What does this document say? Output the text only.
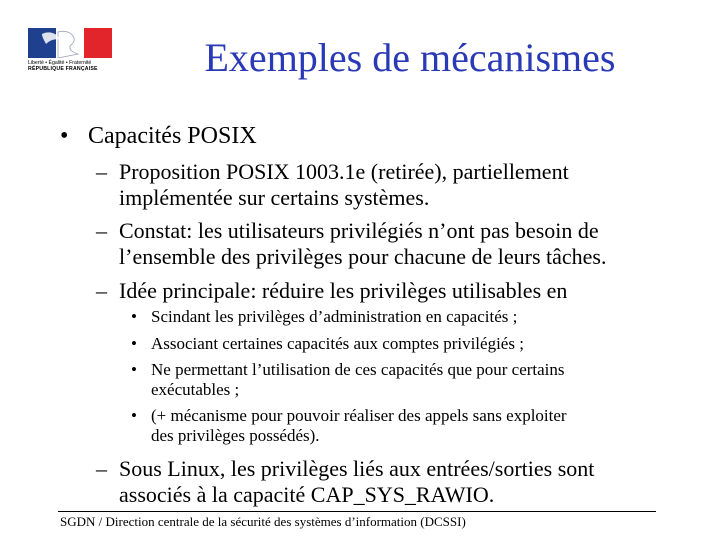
Liberté • Égalité • Fraternité
RÉPUBLIQUE FRANÇAISE	Exemples de mécanismes
• Capacités POSIX
– Proposition POSIX 1003.1e (retirée), partiellement
implémentée sur certains systèmes.
– Constat: les utilisateurs privilégiés n’ont pas besoin de
l’ensemble des privilèges pour chacune de leurs tâches.
– Idée principale: réduire les privilèges utilisables en
• Scindant les privilèges d’administration en capacités ;
• Associant certaines capacités aux comptes privilégiés ;
• Ne permettant l’utilisation de ces capacités que pour certains
exécutables ;
• (+ mécanisme pour pouvoir réaliser des appels sans exploiter
des privilèges possédés).
– Sous Linux, les privilèges liés aux entrées/sorties sont
associés à la capacité CAP_SYS_RAWIO.
SGDN / Direction centrale de la sécurité des systèmes d’information (DCSSI)
